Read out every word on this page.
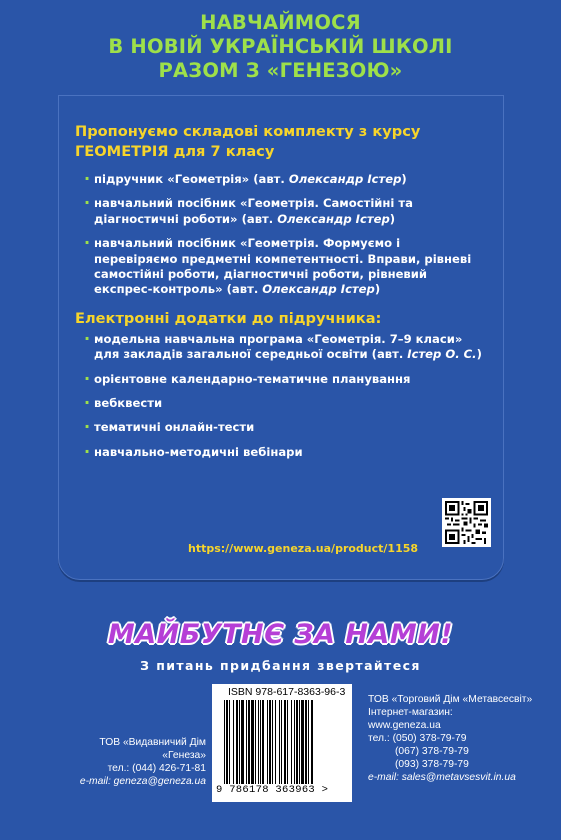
НАВЧАЙМОСЯ
В НОВІЙ УКРАЇНСЬКІЙ ШКОЛІ
РАЗОМ З «ГЕНЕЗОЮ»
Пропонуємо складові комплекту з курсу
ГЕОМЕТРІЯ для 7 класу
· підручник «Геометрія» (авт. Олександр Істер)
· навчальний посібник «Геометрія. Самостійні та діагностичні роботи» (авт. Олександр Істер)
· навчальний посібник «Геометрія. Формуємо і перевіряємо предметні компетентності. Вправи, рівневі самостійні роботи, діагностичні роботи, рівневий експрес-контроль» (авт. Олександр Істер)
Електронні додатки до підручника:
· модельна навчальна програма «Геометрія. 7–9 класи» для закладів загальної середньої освіти (авт. Істер О. С.)
· орієнтовне календарно-тематичне планування
· вебквести
· тематичні онлайн-тести
· навчально-методичні вебінари
https://www.geneza.ua/product/1158
МАЙБУТНЄ ЗА НАМИ!
З питань придбання звертайтеся
ISBN 978-617-8363-96-3
9 786178 363963 >
ТОВ «Видавничий Дім
«Генеза»
тел.: (044) 426-71-81
e-mail: geneza@geneza.ua
ТОВ «Торговий Дім «Метавсесвіт»
Інтернет-магазин:
www.geneza.ua
тел.: (050) 378-79-79
(067) 378-79-79
(093) 378-79-79
e-mail: sales@metavsesvit.in.ua
